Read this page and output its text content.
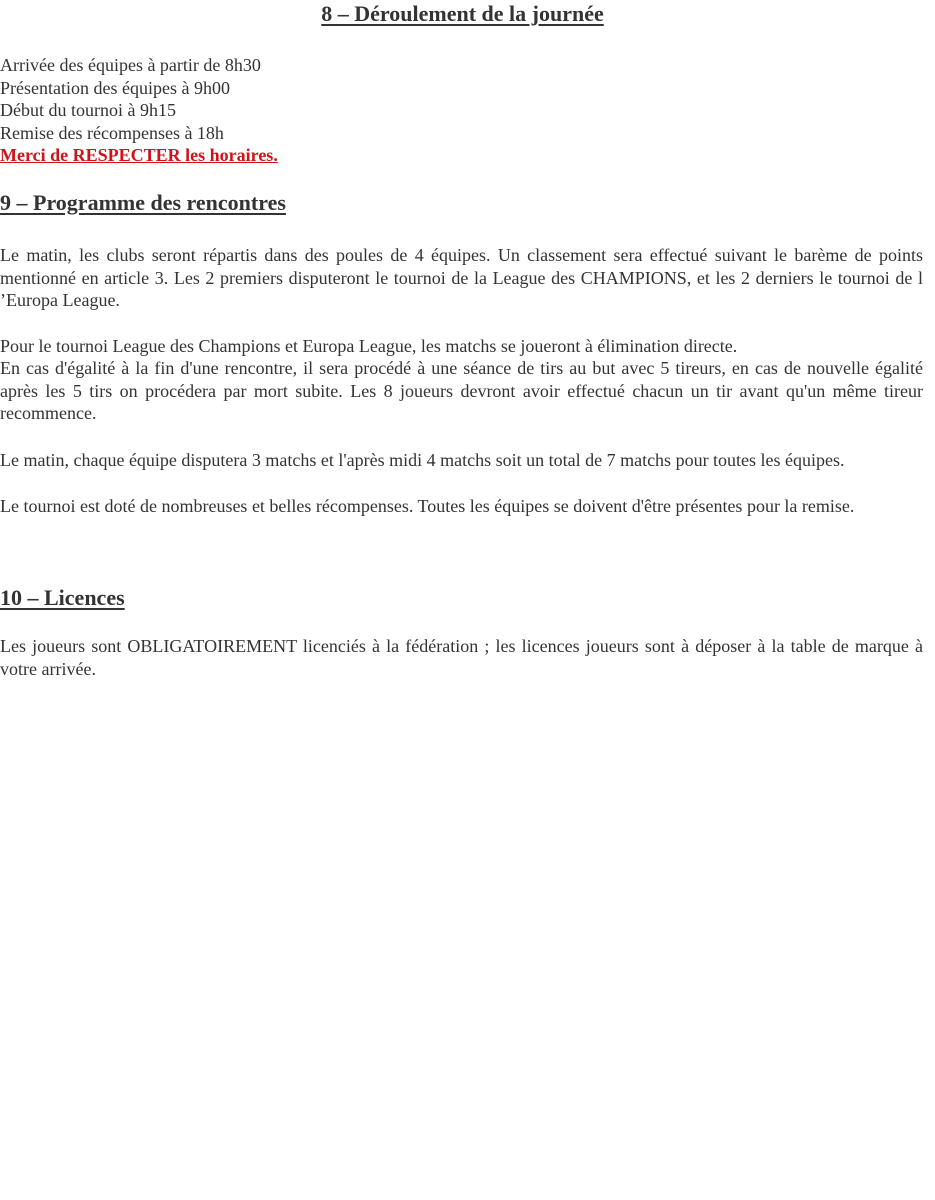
8 – Déroulement de la journée
Arrivée des équipes à partir de 8h30
Présentation des équipes à 9h00
Début du tournoi à 9h15
Remise des récompenses à 18h
Merci de RESPECTER les horaires.
9 – Programme des rencontres

Le matin, les clubs seront répartis dans des poules de 4 équipes. Un classement sera effectué suivant le barème de points mentionné en article 3. Les 2 premiers disputeront le tournoi de la League des CHAMPIONS, et les 2 derniers le tournoi de l ’Europa League.

Pour le tournoi League des Champions et Europa League, les matchs se joueront à élimination directe.

En cas d'égalité à la fin d'une rencontre, il sera procédé à une séance de tirs au but avec 5 tireurs, en cas de nouvelle égalité après les 5 tirs on procédera par mort subite. Les 8 joueurs devront avoir effectué chacun un tir avant qu'un même tireur recommence.

Le matin, chaque équipe disputera 3 matchs et l'après midi 4 matchs soit un total de 7 matchs pour toutes les équipes.

Le tournoi est doté de nombreuses et belles récompenses. Toutes les équipes se doivent d'être présentes pour la remise.

10 – Licences

Les joueurs sont OBLIGATOIREMENT licenciés à la fédération ; les licences joueurs sont à déposer à la table de marque à votre arrivée.
